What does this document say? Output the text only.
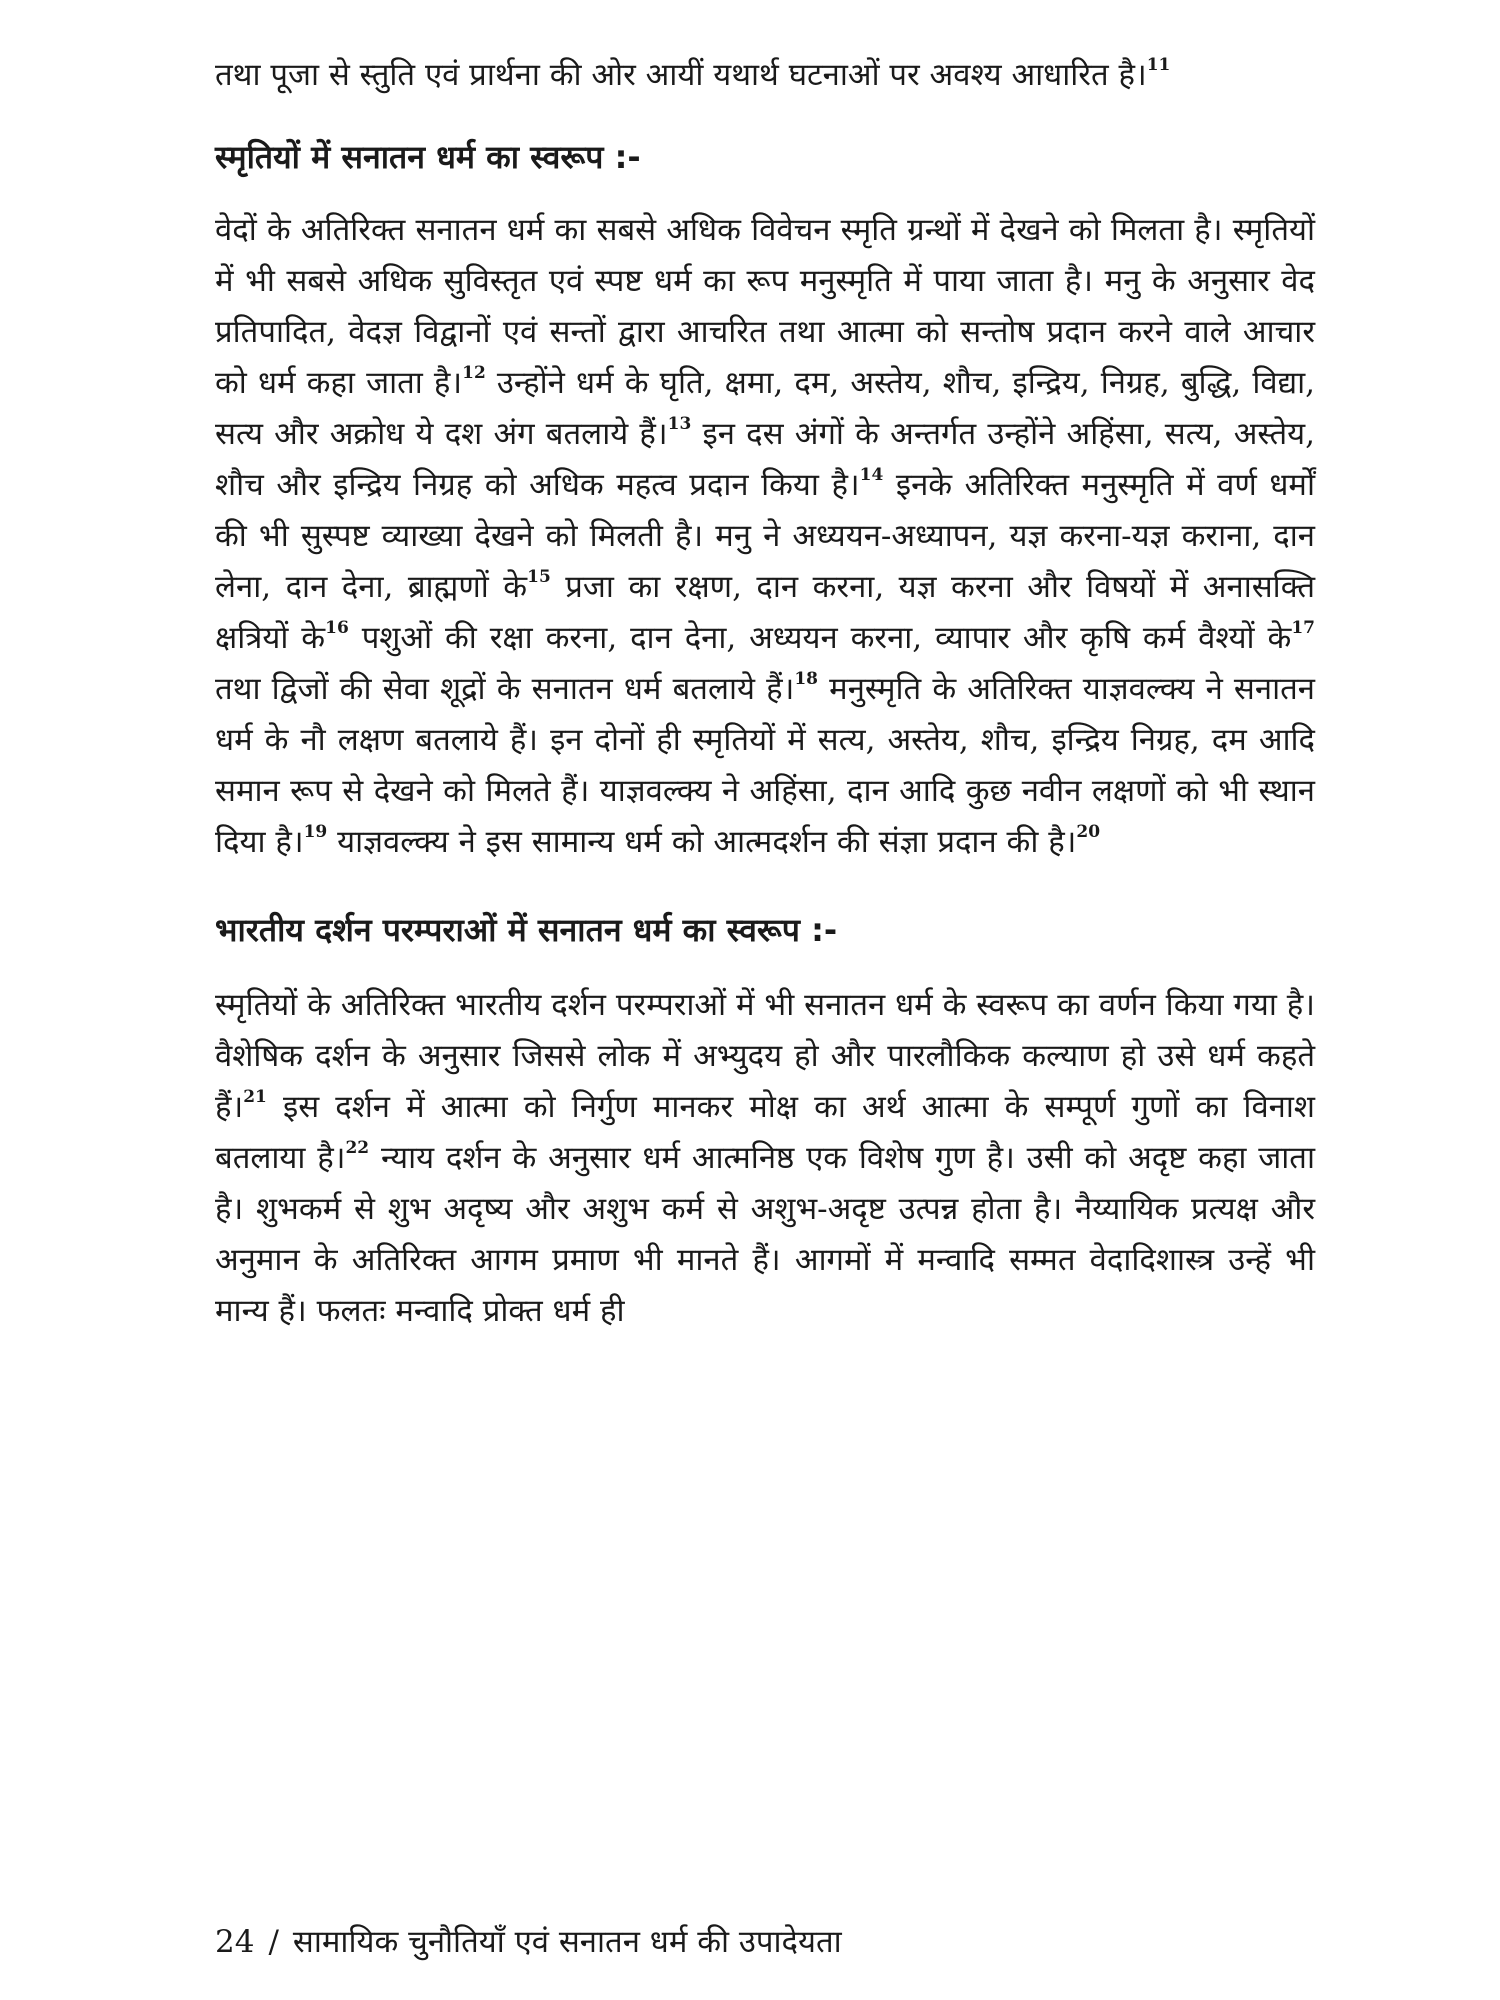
तथा पूजा से स्तुति एवं प्रार्थना की ओर आयीं यथार्थ घटनाओं पर अवश्य आधारित है।$^{11}$

स्मृतियों में सनातन धर्म का स्वरूप :-

वेदों के अतिरिक्त सनातन धर्म का सबसे अधिक विवेचन स्मृति ग्रन्थों में देखने को मिलता है। स्मृतियों में भी सबसे अधिक सुविस्तृत एवं स्पष्ट धर्म का रूप मनुस्मृति में पाया जाता है। मनु के अनुसार वेद प्रतिपादित, वेदज्ञ विद्वानों एवं सन्तों द्वारा आचरित तथा आत्मा को सन्तोष प्रदान करने वाले आचार को धर्म कहा जाता है।$^{12}$ उन्होंने धर्म के घृति, क्षमा, दम, अस्तेय, शौच, इन्द्रिय, निग्रह, बुद्धि, विद्या, सत्य और अक्रोध ये दश अंग बतलाये हैं।$^{13}$ इन दस अंगों के अन्तर्गत उन्होंने अहिंसा, सत्य, अस्तेय, शौच और इन्द्रिय निग्रह को अधिक महत्व प्रदान किया है।$^{14}$ इनके अतिरिक्त मनुस्मृति में वर्ण धर्मों की भी सुस्पष्ट व्याख्या देखने को मिलती है। मनु ने अध्ययन-अध्यापन, यज्ञ करना-यज्ञ कराना, दान लेना, दान देना, ब्राह्मणों के$^{15}$ प्रजा का रक्षण, दान करना, यज्ञ करना और विषयों में अनासक्ति क्षत्रियों के$^{16}$ पशुओं की रक्षा करना, दान देना, अध्ययन करना, व्यापार और कृषि कर्म वैश्यों के$^{17}$ तथा द्विजों की सेवा शूद्रों के सनातन धर्म बतलाये हैं।$^{18}$ मनुस्मृति के अतिरिक्त याज्ञवल्क्य ने सनातन धर्म के नौ लक्षण बतलाये हैं। इन दोनों ही स्मृतियों में सत्य, अस्तेय, शौच, इन्द्रिय निग्रह, दम आदि समान रूप से देखने को मिलते हैं। याज्ञवल्क्य ने अहिंसा, दान आदि कुछ नवीन लक्षणों को भी स्थान दिया है।$^{19}$ याज्ञवल्क्य ने इस सामान्य धर्म को आत्मदर्शन की संज्ञा प्रदान की है।$^{20}$

भारतीय दर्शन परम्पराओं में सनातन धर्म का स्वरूप :-

स्मृतियों के अतिरिक्त भारतीय दर्शन परम्पराओं में भी सनातन धर्म के स्वरूप का वर्णन किया गया है। वैशेषिक दर्शन के अनुसार जिससे लोक में अभ्युदय हो और पारलौकिक कल्याण हो उसे धर्म कहते हैं।$^{21}$ इस दर्शन में आत्मा को निर्गुण मानकर मोक्ष का अर्थ आत्मा के सम्पूर्ण गुणों का विनाश बतलाया है।$^{22}$ न्याय दर्शन के अनुसार धर्म आत्मनिष्ठ एक विशेष गुण है। उसी को अदृष्ट कहा जाता है। शुभकर्म से शुभ अदृष्य और अशुभ कर्म से अशुभ-अदृष्ट उत्पन्न होता है। नैय्यायिक प्रत्यक्ष और अनुमान के अतिरिक्त आगम प्रमाण भी मानते हैं। आगमों में मन्वादि सम्मत वेदादिशास्त्र उन्हें भी मान्य हैं। फलतः मन्वादि प्रोक्त धर्म ही

24 / सामायिक चुनौतियाँ एवं सनातन धर्म की उपादेयता
